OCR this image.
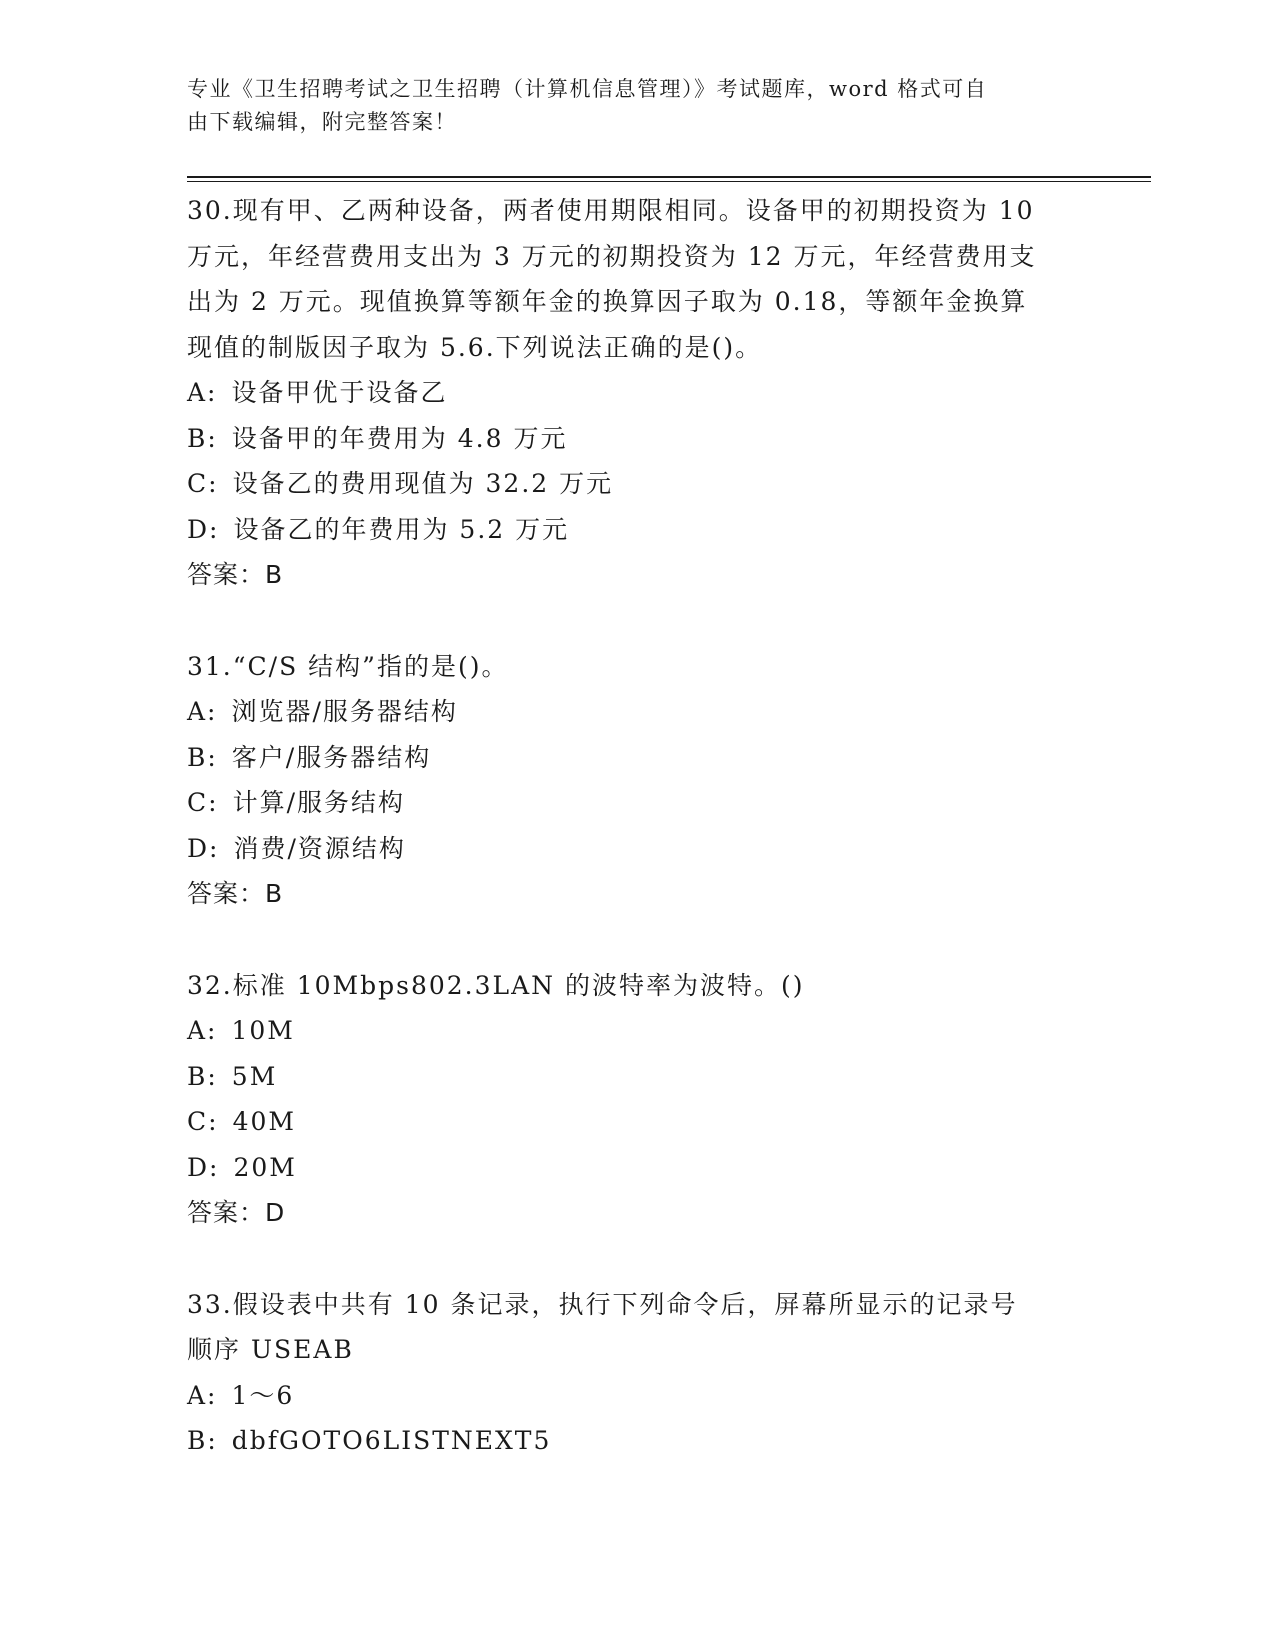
专业《卫生招聘考试之卫生招聘（计算机信息管理）》考试题库，word 格式可自
由下载编辑，附完整答案！

30.现有甲、乙两种设备，两者使用期限相同。设备甲的初期投资为 10

万元，年经营费用支出为 3 万元的初期投资为 12 万元，年经营费用支

出为 2 万元。现值换算等额年金的换算因子取为 0.18，等额年金换算

现值的制版因子取为 5.6.下列说法正确的是()。

A: 设备甲优于设备乙

B: 设备甲的年费用为 4.8 万元

C: 设备乙的费用现值为 32.2 万元

D: 设备乙的年费用为 5.2 万元

答案：B

31.“C/S 结构”指的是()。

A: 浏览器/服务器结构

B: 客户/服务器结构

C: 计算/服务结构

D: 消费/资源结构

答案：B

32.标准 10Mbps802.3LAN 的波特率为波特。()

A: 10M

B: 5M

C: 40M

D: 20M

答案：D

33.假设表中共有 10 条记录，执行下列命令后，屏幕所显示的记录号

顺序 USEAB

A: 1～6

B: dbfGOTO6LISTNEXT5
